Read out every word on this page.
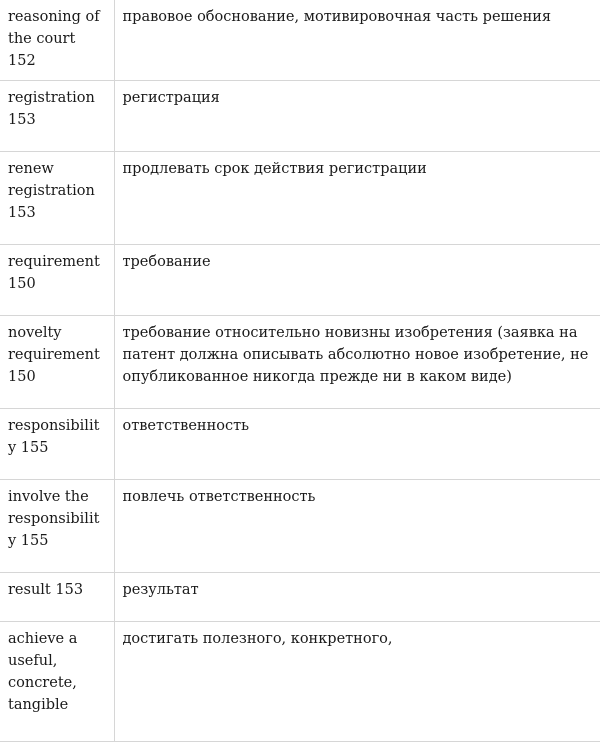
reasoning of the court 152	правовое обоснование, мотивировочная часть решения
registration 153	регистрация
renew registration 153	продлевать срок действия регистрации
requirement 150	требование
novelty requirement 150	требование относительно новизны изобретения (заявка на патент должна описывать абсолютно новое изобретение, не опубликованное никогда прежде ни в каком виде)
responsibility 155	ответственность
involve the responsibility 155	повлечь ответственность
result 153	результат
achieve a useful, concrete, tangible	достигать полезного, конкретного,
